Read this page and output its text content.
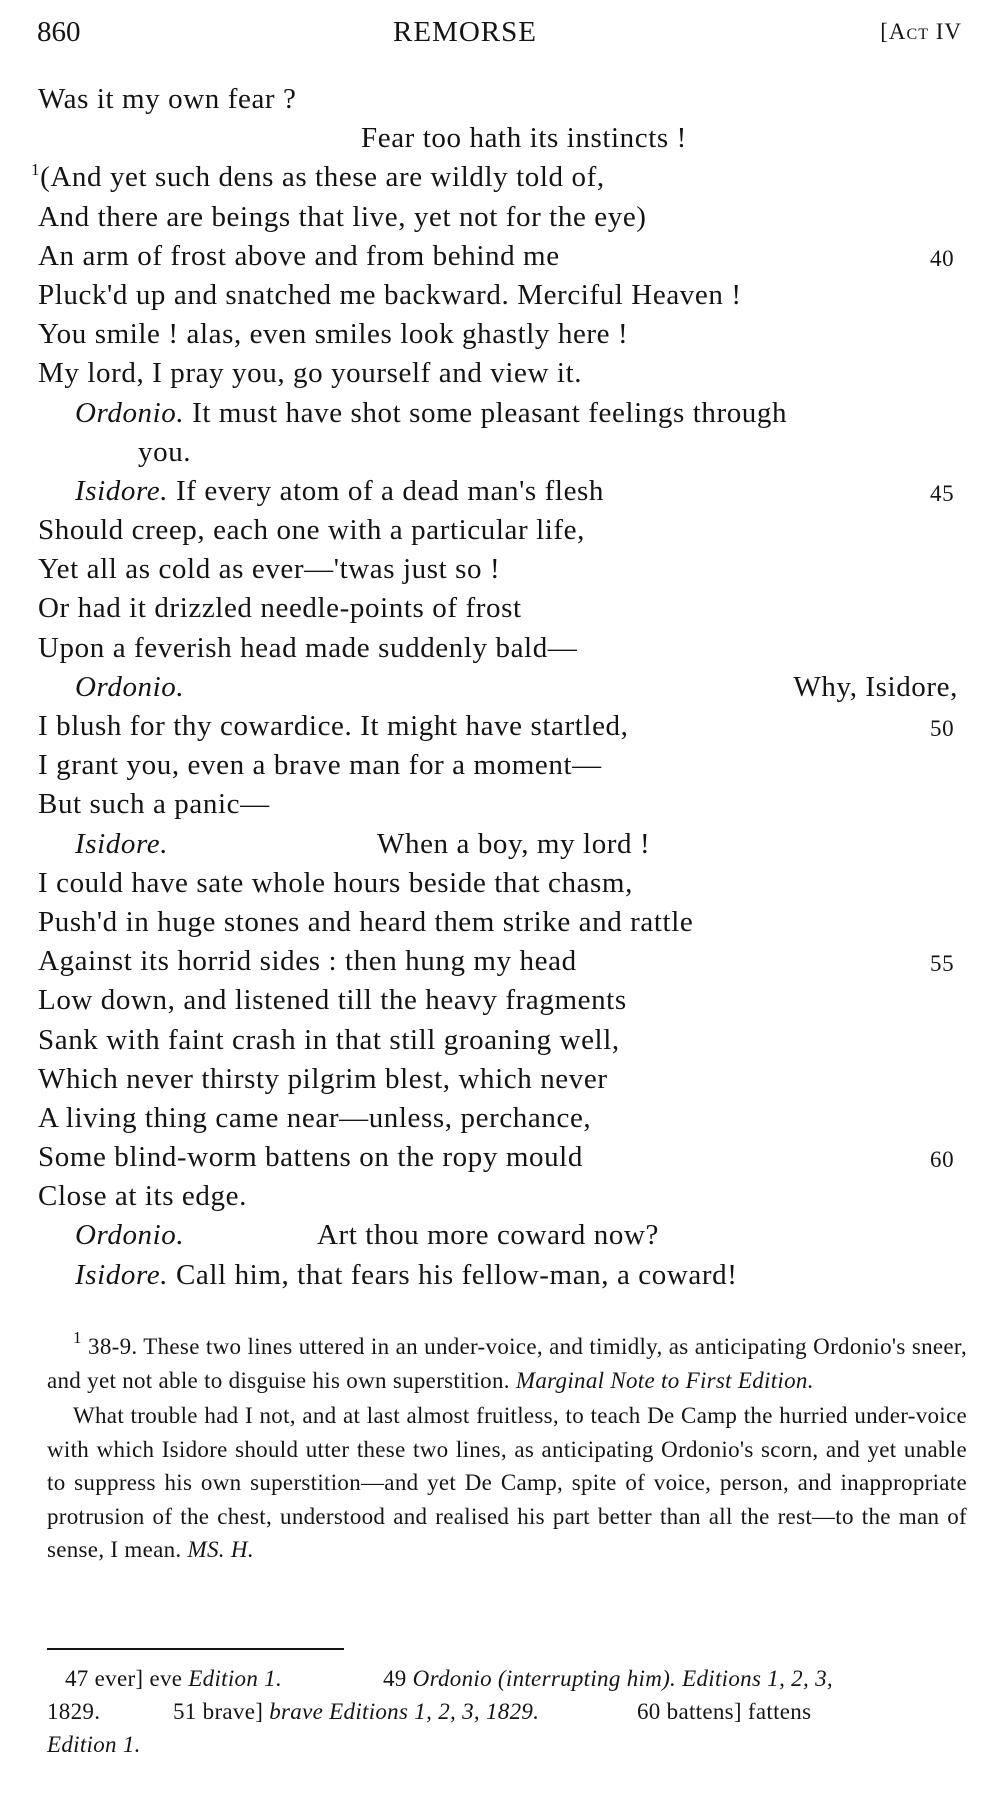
860	REMORSE	[Act IV
Was it my own fear ?
Fear too hath its instincts !
$^1$(And yet such dens as these are wildly told of,
And there are beings that live, yet not for the eye)
An arm of frost above and from behind me	40
Pluck'd up and snatched me backward. Merciful Heaven !
You smile ! alas, even smiles look ghastly here !
My lord, I pray you, go yourself and view it.
Ordonio. It must have shot some pleasant feelings through
you.
Isidore. If every atom of a dead man's flesh	45
Should creep, each one with a particular life,
Yet all as cold as ever—'twas just so !
Or had it drizzled needle-points of frost
Upon a feverish head made suddenly bald—
Ordonio.	Why, Isidore,
I blush for thy cowardice. It might have startled,	50
I grant you, even a brave man for a moment—
But such a panic—
Isidore.	When a boy, my lord !
I could have sate whole hours beside that chasm,
Push'd in huge stones and heard them strike and rattle
Against its horrid sides : then hung my head	55
Low down, and listened till the heavy fragments
Sank with faint crash in that still groaning well,
Which never thirsty pilgrim blest, which never
A living thing came near—unless, perchance,
Some blind-worm battens on the ropy mould	60
Close at its edge.
Ordonio.	Art thou more coward now?
Isidore. Call him, that fears his fellow-man, a coward!

$^1$ 38-9. These two lines uttered in an under-voice, and timidly, as anticipating Ordonio's sneer, and yet not able to disguise his own superstition. Marginal Note to First Edition.

What trouble had I not, and at last almost fruitless, to teach De Camp the hurried under-voice with which Isidore should utter these two lines, as anticipating Ordonio's scorn, and yet unable to suppress his own superstition—and yet De Camp, spite of voice, person, and inappropriate protrusion of the chest, understood and realised his part better than all the rest—to the man of sense, I mean. MS. H.

47 ever] eve Edition 1.	49 Ordonio (interrupting him). Editions 1, 2, 3,
1829.	51 brave] brave Editions 1, 2, 3, 1829.	60 battens] fattens
Edition 1.
